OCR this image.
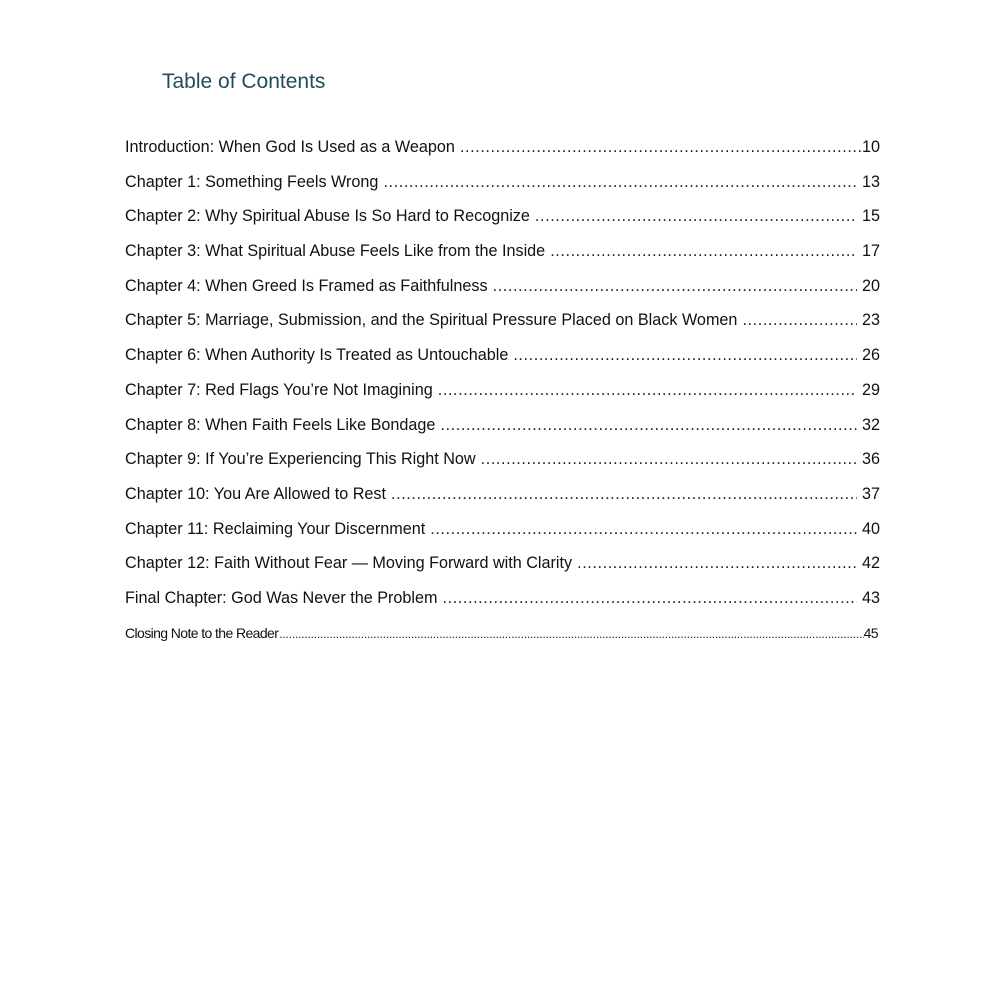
Table of Contents
Introduction: When God Is Used as a Weapon .....	10
Chapter 1: Something Feels Wrong .....	13
Chapter 2: Why Spiritual Abuse Is So Hard to Recognize .....	15
Chapter 3: What Spiritual Abuse Feels Like from the Inside .....	17
Chapter 4: When Greed Is Framed as Faithfulness .....	20
Chapter 5: Marriage, Submission, and the Spiritual Pressure Placed on Black Women .....	23
Chapter 6: When Authority Is Treated as Untouchable .....	26
Chapter 7: Red Flags You’re Not Imagining .....	29
Chapter 8: When Faith Feels Like Bondage .....	32
Chapter 9: If You’re Experiencing This Right Now .....	36
Chapter 10: You Are Allowed to Rest .....	37
Chapter 11: Reclaiming Your Discernment .....	40
Chapter 12: Faith Without Fear — Moving Forward with Clarity .....	42
Final Chapter: God Was Never the Problem .....	43
Closing Note to the Reader .....	45
